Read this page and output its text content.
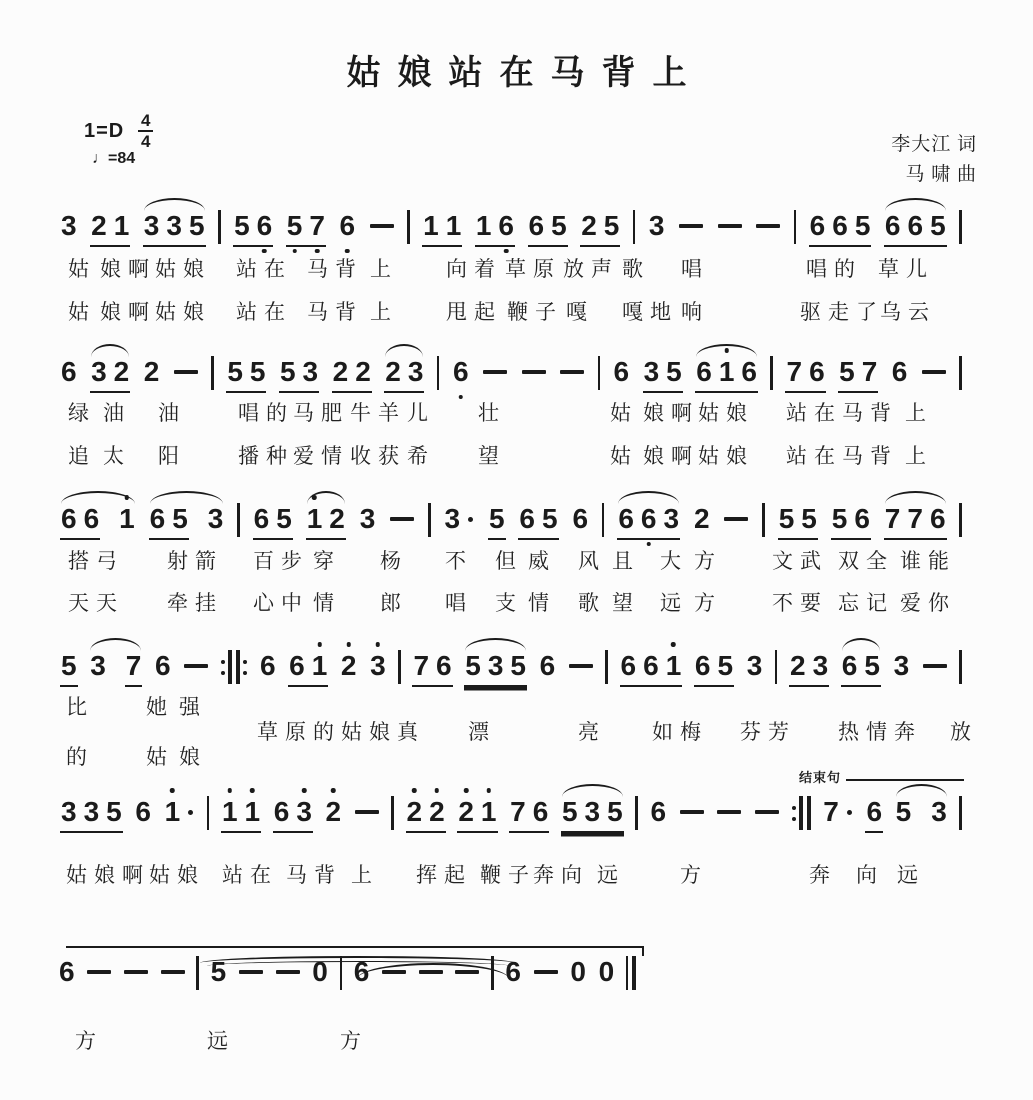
姑娘站在马背上
1=D 4
4
♩=84
李大江 词
马 啸 曲
3 2 1 3 3 5 5 6 5 7 6 1 1 1 6 6 5 2 5 3	6 6 5 6 6 5
6 3 2 2 5 5 5 3 2 2 2 3 6	6 3 5 6 1 6 7 6 5 7 6
6 6 1 6 5 3 6 5 1 2 3 3 5 6 5 6 6 6 3 2 5 5 5 6 7 7 6
5 3 7 6	6 6 1 2 3 7 6 5 3 5 6 6 6 1 6 5 3 2 3 6 5 3
3 3 5 6 1 1 1 6 3 2 2 2 2 1 7 6 5 3 5 6	7 6 5 3
6	5	0 6	6 0 0
姑 娘啊 姑娘 站在 马背 上 向着 草原 放声 歌 唱	唱的 草儿
姑 娘啊 姑娘 站在 马背 上 甩起 鞭子 嘎 嘎地 响	驱走了
乌云
绿 油 油 唱的 马肥 牛羊 儿 壮	姑 娘啊 姑娘 站在 马背 上
追 太 阳 播种 爱情 收获 希 望	姑 娘啊 姑娘 站在 马背 上
搭弓 射箭 百步 穿 杨 不 但 威 风 且 大 方 文武 双全 谁能
天天 牵挂 心中 情 郎 唱 支 情 歌 望 远 方 不要 忘记 爱你
比 她 强
草原的姑娘真 漂	亮 如梅 芬芳 热情奔 放
的 姑 娘
姑娘啊 姑娘 站在 马背 上 挥起 鞭子
奔向 远	方	奔 向 远
方	远	方
结束句
